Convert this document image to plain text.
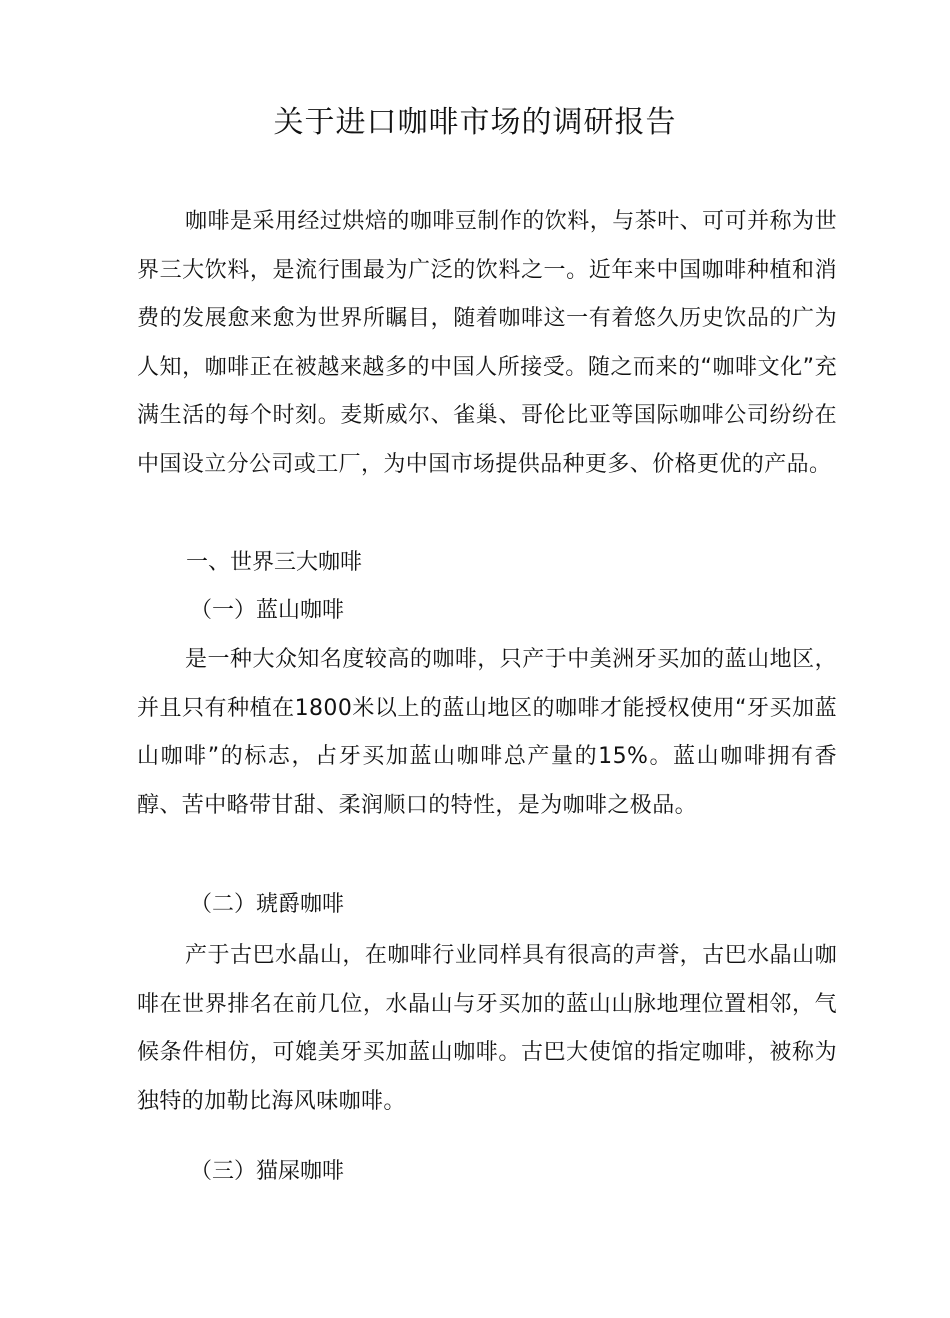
关于进口咖啡市场的调研报告

咖啡是采用经过烘焙的咖啡豆制作的饮料，与茶叶、可可并称为世界三大饮料，是流行围最为广泛的饮料之一。近年来中国咖啡种植和消费的发展愈来愈为世界所瞩目，随着咖啡这一有着悠久历史饮品的广为人知，咖啡正在被越来越多的中国人所接受。随之而来的“咖啡文化”充满生活的每个时刻。麦斯威尔、雀巢、哥伦比亚等国际咖啡公司纷纷在中国设立分公司或工厂，为中国市场提供品种更多、价格更优的产品。

一、世界三大咖啡

（一）蓝山咖啡

是一种大众知名度较高的咖啡，只产于中美洲牙买加的蓝山地区，并且只有种植在1800米以上的蓝山地区的咖啡才能授权使用“牙买加蓝山咖啡”的标志，占牙买加蓝山咖啡总产量的15%。蓝山咖啡拥有香醇、苦中略带甘甜、柔润顺口的特性，是为咖啡之极品。

（二）琥爵咖啡

产于古巴水晶山，在咖啡行业同样具有很高的声誉，古巴水晶山咖啡在世界排名在前几位，水晶山与牙买加的蓝山山脉地理位置相邻，气候条件相仿，可媲美牙买加蓝山咖啡。古巴大使馆的指定咖啡，被称为独特的加勒比海风味咖啡。

（三）猫屎咖啡
